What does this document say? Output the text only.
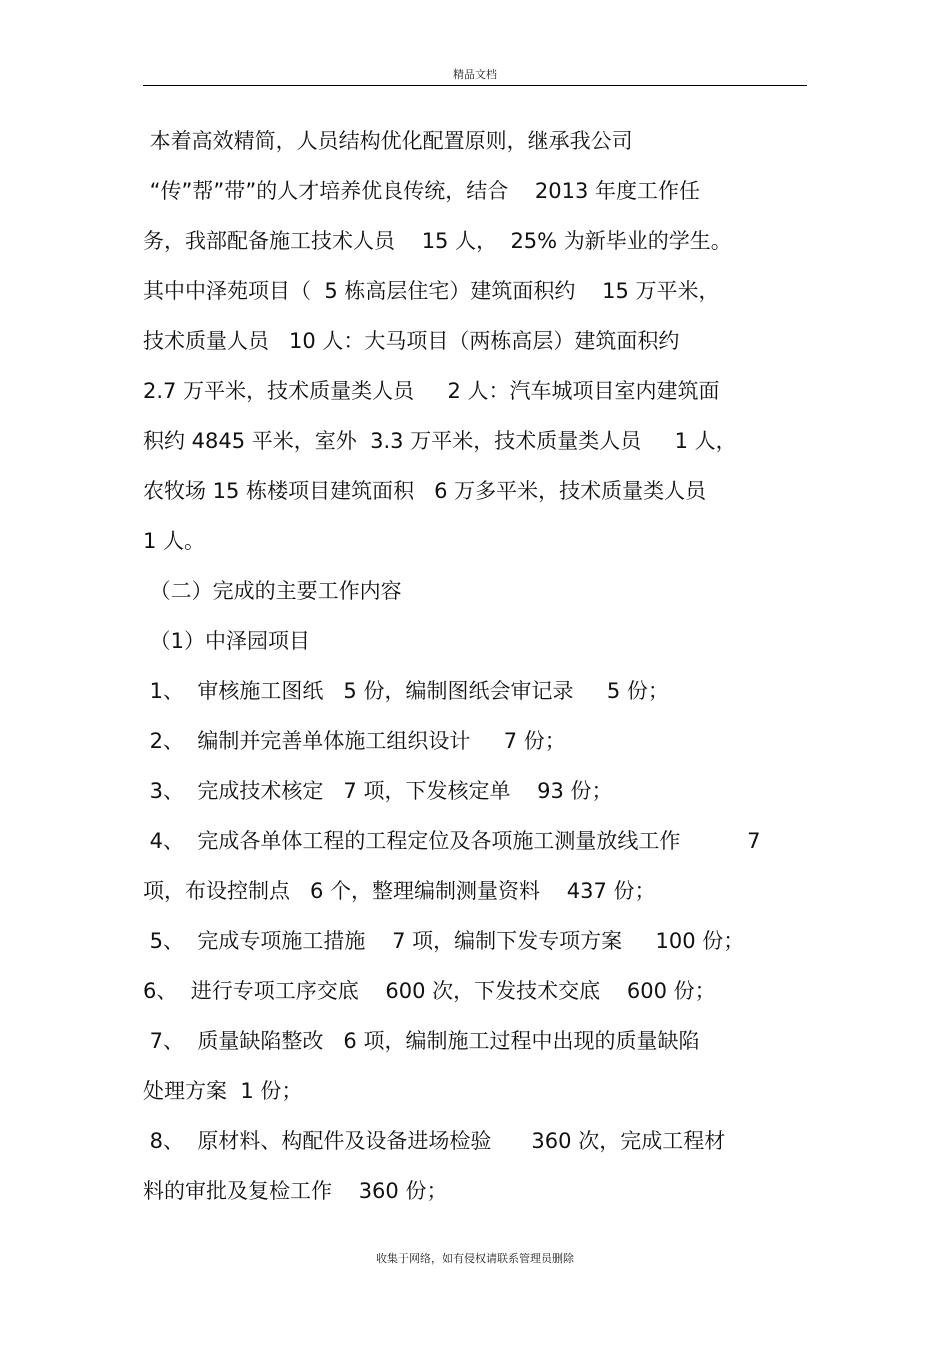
精品文档
本着高效精简，人员结构优化配置原则，继承我公司
“传”帮”带”的人才培养优良传统，结合    2013 年度工作任
务，我部配备施工技术人员    15 人，  25% 为新毕业的学生。
其中中泽苑项目（  5 栋高层住宅）建筑面积约    15 万平米，
技术质量人员   10 人：大马项目（两栋高层）建筑面积约
2.7 万平米，技术质量类人员     2 人：汽车城项目室内建筑面
积约 4845 平米，室外  3.3 万平米，技术质量类人员     1 人，
农牧场 15 栋楼项目建筑面积   6 万多平米，技术质量类人员
1 人。
（二）完成的主要工作内容
（1）中泽园项目
1、  审核施工图纸   5 份，编制图纸会审记录     5 份；
2、  编制并完善单体施工组织设计     7 份；
3、  完成技术核定   7 项，下发核定单    93 份；
4、  完成各单体工程的工程定位及各项施工测量放线工作          7
项，布设控制点   6 个，整理编制测量资料    437 份；
5、  完成专项施工措施    7 项，编制下发专项方案     100 份；
6、  进行专项工序交底    600 次，下发技术交底    600 份；
7、  质量缺陷整改   6 项，编制施工过程中出现的质量缺陷
处理方案  1 份；
8、  原材料、构配件及设备进场检验      360 次，完成工程材
料的审批及复检工作    360 份；
收集于网络，如有侵权请联系管理员删除
